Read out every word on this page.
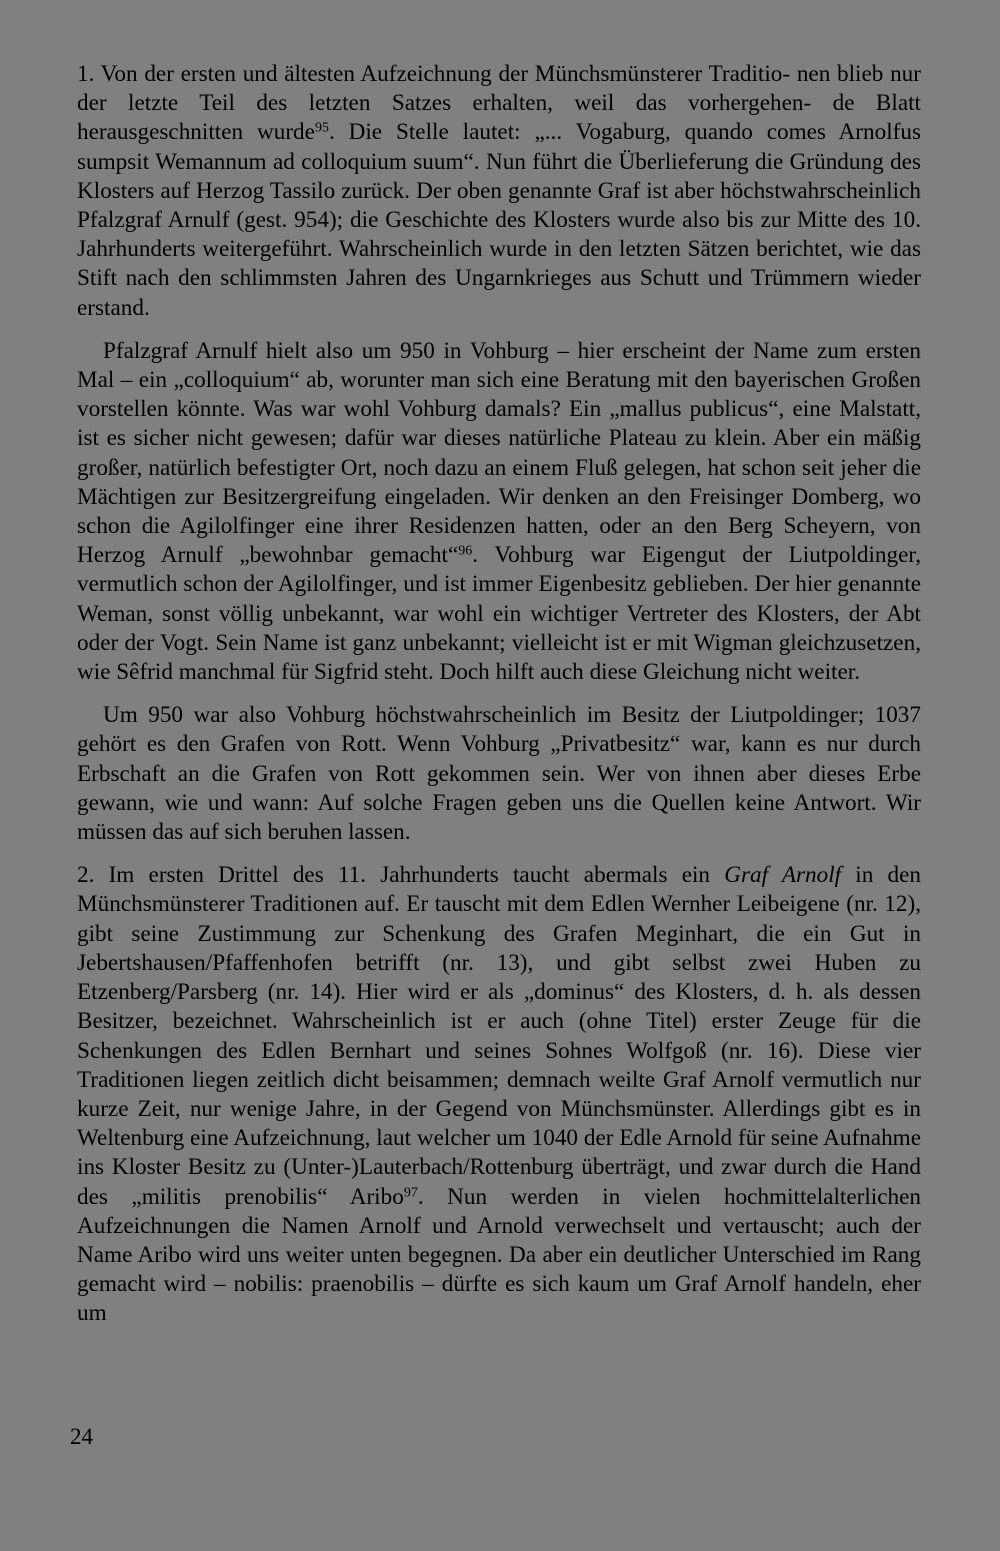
1. Von der ersten und ältesten Aufzeichnung der Münchsmünsterer Traditio- nen blieb nur der letzte Teil des letzten Satzes erhalten, weil das vorhergehen- de Blatt herausgeschnitten wurde$^{95}$. Die Stelle lautet: „... Vogaburg, quando comes Arnolfus sumpsit Wemannum ad colloquium suum“. Nun führt die Überlieferung die Gründung des Klosters auf Herzog Tassilo zurück. Der oben genannte Graf ist aber höchstwahrscheinlich Pfalzgraf Arnulf (gest. 954); die Geschichte des Klosters wurde also bis zur Mitte des 10. Jahrhunderts weitergeführt. Wahrscheinlich wurde in den letzten Sätzen berichtet, wie das Stift nach den schlimmsten Jahren des Ungarnkrieges aus Schutt und Trümmern wieder erstand.

Pfalzgraf Arnulf hielt also um 950 in Vohburg – hier erscheint der Name zum ersten Mal – ein „colloquium“ ab, worunter man sich eine Beratung mit den bayerischen Großen vorstellen könnte. Was war wohl Vohburg damals? Ein „mallus publicus“, eine Malstatt, ist es sicher nicht gewesen; dafür war dieses natürliche Plateau zu klein. Aber ein mäßig großer, natürlich befestigter Ort, noch dazu an einem Fluß gelegen, hat schon seit jeher die Mächtigen zur Besitzergreifung eingeladen. Wir denken an den Freisinger Domberg, wo schon die Agilolfinger eine ihrer Residenzen hatten, oder an den Berg Scheyern, von Herzog Arnulf „bewohnbar gemacht“$^{96}$. Vohburg war Eigengut der Liutpoldinger, vermutlich schon der Agilolfinger, und ist immer Eigenbesitz geblieben. Der hier genannte Weman, sonst völlig unbekannt, war wohl ein wichtiger Vertreter des Klosters, der Abt oder der Vogt. Sein Name ist ganz unbekannt; vielleicht ist er mit Wigman gleichzusetzen, wie Sêfrid manchmal für Sigfrid steht. Doch hilft auch diese Gleichung nicht weiter.

Um 950 war also Vohburg höchstwahrscheinlich im Besitz der Liutpoldinger; 1037 gehört es den Grafen von Rott. Wenn Vohburg „Privatbesitz“ war, kann es nur durch Erbschaft an die Grafen von Rott gekommen sein. Wer von ihnen aber dieses Erbe gewann, wie und wann: Auf solche Fragen geben uns die Quellen keine Antwort. Wir müssen das auf sich beruhen lassen.

2. Im ersten Drittel des 11. Jahrhunderts taucht abermals ein Graf Arnolf in den Münchsmünsterer Traditionen auf. Er tauscht mit dem Edlen Wernher Leibeigene (nr. 12), gibt seine Zustimmung zur Schenkung des Grafen Meginhart, die ein Gut in Jebertshausen/Pfaffenhofen betrifft (nr. 13), und gibt selbst zwei Huben zu Etzenberg/Parsberg (nr. 14). Hier wird er als „dominus“ des Klosters, d. h. als dessen Besitzer, bezeichnet. Wahrscheinlich ist er auch (ohne Titel) erster Zeuge für die Schenkungen des Edlen Bernhart und seines Sohnes Wolfgoß (nr. 16). Diese vier Traditionen liegen zeitlich dicht beisammen; demnach weilte Graf Arnolf vermutlich nur kurze Zeit, nur wenige Jahre, in der Gegend von Münchsmünster. Allerdings gibt es in Weltenburg eine Aufzeichnung, laut welcher um 1040 der Edle Arnold für seine Aufnahme ins Kloster Besitz zu (Unter-)Lauterbach/Rottenburg überträgt, und zwar durch die Hand des „militis prenobilis“ Aribo$^{97}$. Nun werden in vielen hochmittelalterlichen Aufzeichnungen die Namen Arnolf und Arnold verwechselt und vertauscht; auch der Name Aribo wird uns weiter unten begegnen. Da aber ein deutlicher Unterschied im Rang gemacht wird – nobilis: praenobilis – dürfte es sich kaum um Graf Arnolf handeln, eher um

24
